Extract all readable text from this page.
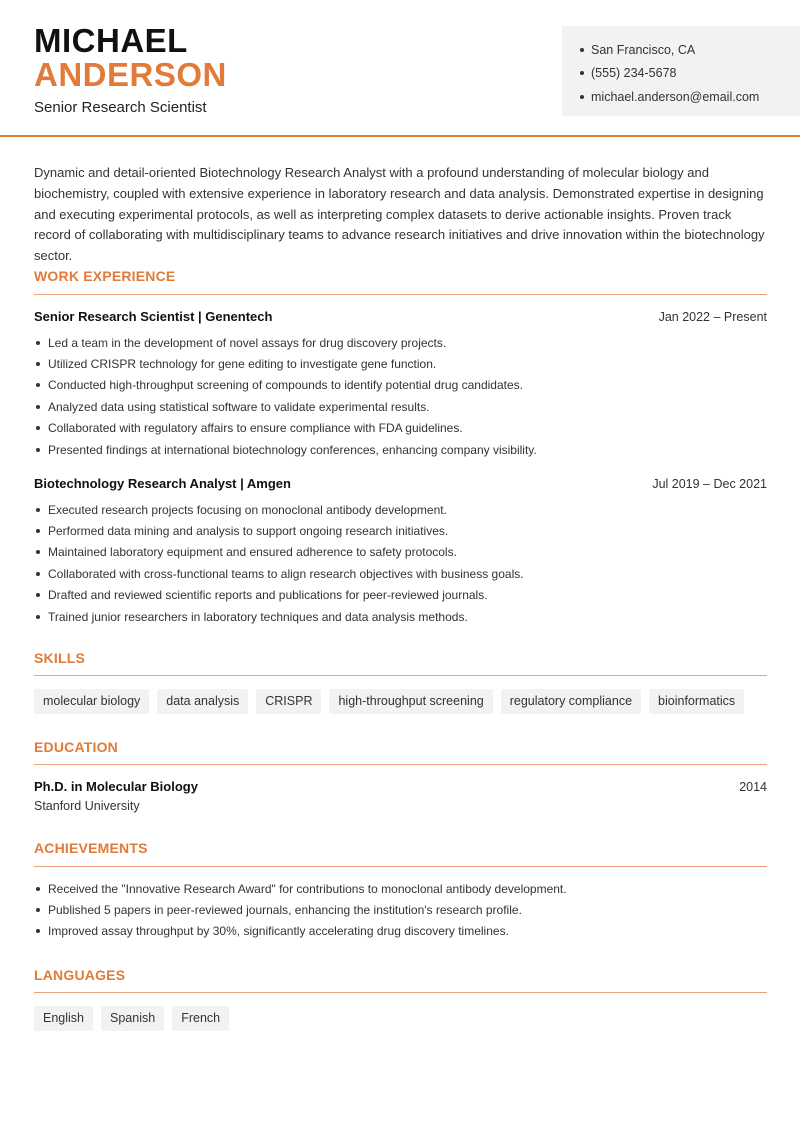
MICHAEL
ANDERSON
Senior Research Scientist
San Francisco, CA
(555) 234-5678
michael.anderson@email.com

Dynamic and detail-oriented Biotechnology Research Analyst with a profound understanding of molecular biology and biochemistry, coupled with extensive experience in laboratory research and data analysis. Demonstrated expertise in designing and executing experimental protocols, as well as interpreting complex datasets to derive actionable insights. Proven track record of collaborating with multidisciplinary teams to advance research initiatives and drive innovation within the biotechnology sector.

WORK EXPERIENCE
Senior Research Scientist | Genentech	Jan 2022 – Present
Led a team in the development of novel assays for drug discovery projects.
Utilized CRISPR technology for gene editing to investigate gene function.
Conducted high-throughput screening of compounds to identify potential drug candidates.
Analyzed data using statistical software to validate experimental results.
Collaborated with regulatory affairs to ensure compliance with FDA guidelines.
Presented findings at international biotechnology conferences, enhancing company visibility.
Biotechnology Research Analyst | Amgen	Jul 2019 – Dec 2021
Executed research projects focusing on monoclonal antibody development.
Performed data mining and analysis to support ongoing research initiatives.
Maintained laboratory equipment and ensured adherence to safety protocols.
Collaborated with cross-functional teams to align research objectives with business goals.
Drafted and reviewed scientific reports and publications for peer-reviewed journals.
Trained junior researchers in laboratory techniques and data analysis methods.
SKILLS
molecular biology	data analysis	CRISPR	high-throughput screening	regulatory compliance	bioinformatics
EDUCATION
Ph.D. in Molecular Biology	2014
Stanford University
ACHIEVEMENTS
Received the "Innovative Research Award" for contributions to monoclonal antibody development.
Published 5 papers in peer-reviewed journals, enhancing the institution's research profile.
Improved assay throughput by 30%, significantly accelerating drug discovery timelines.
LANGUAGES
English	Spanish	French
